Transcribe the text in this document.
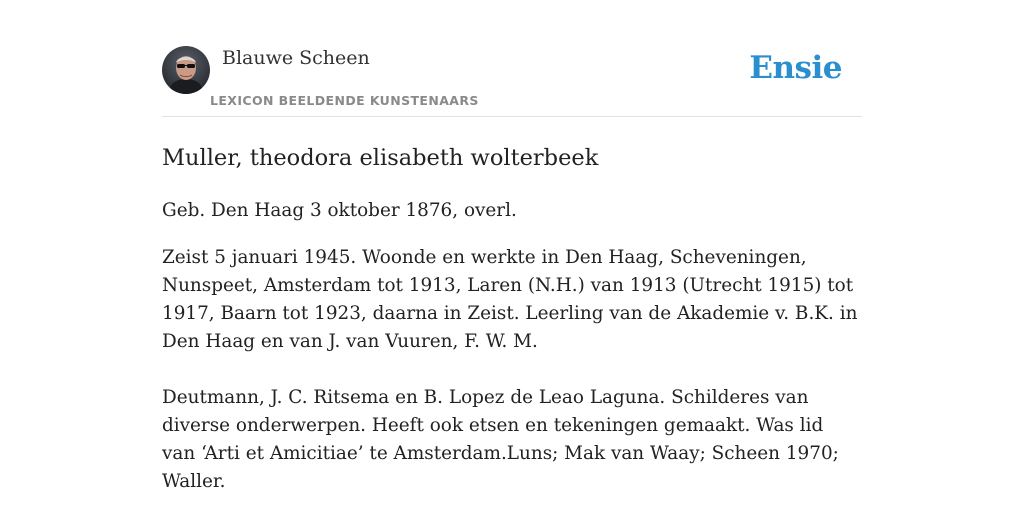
Blauwe Scheen
LEXICON BEELDENDE KUNSTENAARS
Ensie
Muller, theodora elisabeth wolterbeek

Geb. Den Haag 3 oktober 1876, overl.

Zeist 5 januari 1945. Woonde en werkte in Den Haag, Scheveningen, Nunspeet, Amsterdam tot 1913, Laren (N.H.) van 1913 (Utrecht 1915) tot 1917, Baarn tot 1923, daarna in Zeist. Leerling van de Akademie v. B.K. in Den Haag en van J. van Vuuren, F. W. M.

Deutmann, J. C. Ritsema en B. Lopez de Leao Laguna. Schilderes van diverse onderwerpen. Heeft ook etsen en tekeningen gemaakt. Was lid van ‘Arti et Amicitiae’ te Amsterdam.Luns; Mak van Waay; Scheen 1970; Waller.
